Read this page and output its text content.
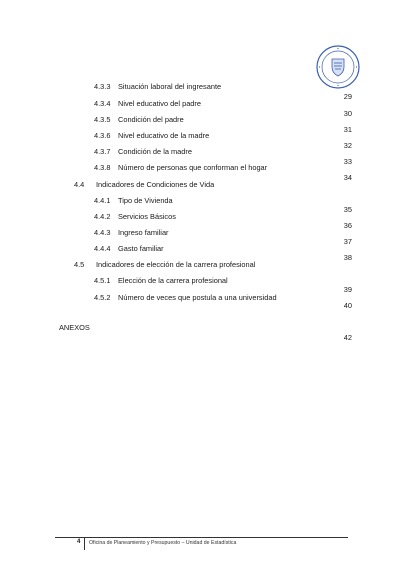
4.3.3 Situación laboral del ingresante
4.3.4 Nivel educativo del padre
4.3.5 Condición del padre
4.3.6 Nivel educativo de la madre
4.3.7 Condición de la madre
4.3.8 Número de personas que conforman el hogar
4.4 Indicadores de Condiciones de Vida
4.4.1 Tipo de Vivienda
4.4.2 Servicios Básicos
4.4.3 Ingreso familiar
4.4.4 Gasto familiar
4.5 Indicadores de elección de la carrera profesional
4.5.1 Elección de la carrera profesional
4.5.2 Número de veces que postula a una universidad
ANEXOS
29
30
31
32
33
34
35
36
37
38
39
40
42
4 Oficina de Planeamiento y Presupuesto – Unidad de Estadística
